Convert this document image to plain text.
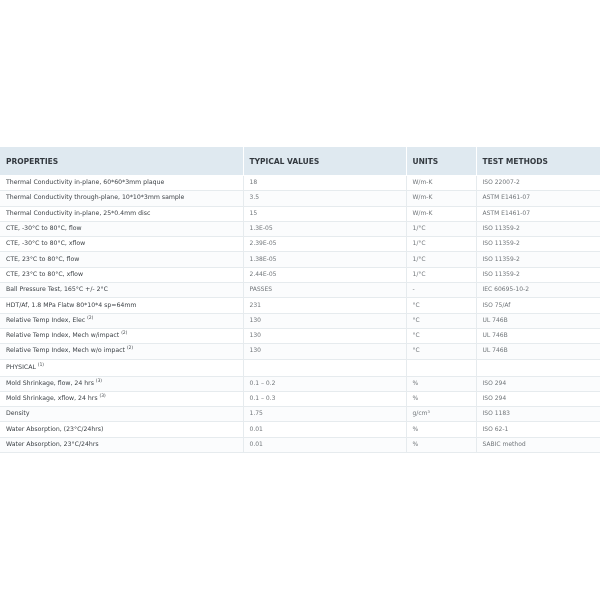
PROPERTIES	TYPICAL VALUES	UNITS	TEST METHODS
Thermal Conductivity in-plane, 60*60*3mm plaque	18	W/m-K	ISO 22007-2
Thermal Conductivity through-plane, 10*10*3mm sample	3.5	W/m-K	ASTM E1461-07
Thermal Conductivity in-plane, 25*0.4mm disc	15	W/m-K	ASTM E1461-07
CTE, -30°C to 80°C, flow	1.3E-05	1/°C	ISO 11359-2
CTE, -30°C to 80°C, xflow	2.39E-05	1/°C	ISO 11359-2
CTE, 23°C to 80°C, flow	1.38E-05	1/°C	ISO 11359-2
CTE, 23°C to 80°C, xflow	2.44E-05	1/°C	ISO 11359-2
Ball Pressure Test, 165°C +/- 2°C	PASSES	-	IEC 60695-10-2
HDT/Af, 1.8 MPa Flatw 80*10*4 sp=64mm	231	°C	ISO 75/Af
Relative Temp Index, Elec $^{(2)}$	130	°C	UL 746B
Relative Temp Index, Mech w/impact $^{(2)}$	130	°C	UL 746B
Relative Temp Index, Mech w/o impact $^{(2)}$	130	°C	UL 746B
PHYSICAL $^{(1)}$			
Mold Shrinkage, flow, 24 hrs $^{(3)}$	0.1 – 0.2	%	ISO 294
Mold Shrinkage, xflow, 24 hrs $^{(3)}$	0.1 – 0.3	%	ISO 294
Density	1.75	g/cm³	ISO 1183
Water Absorption, (23°C/24hrs)	0.01	%	ISO 62-1
Water Absorption, 23°C/24hrs	0.01	%	SABIC method
